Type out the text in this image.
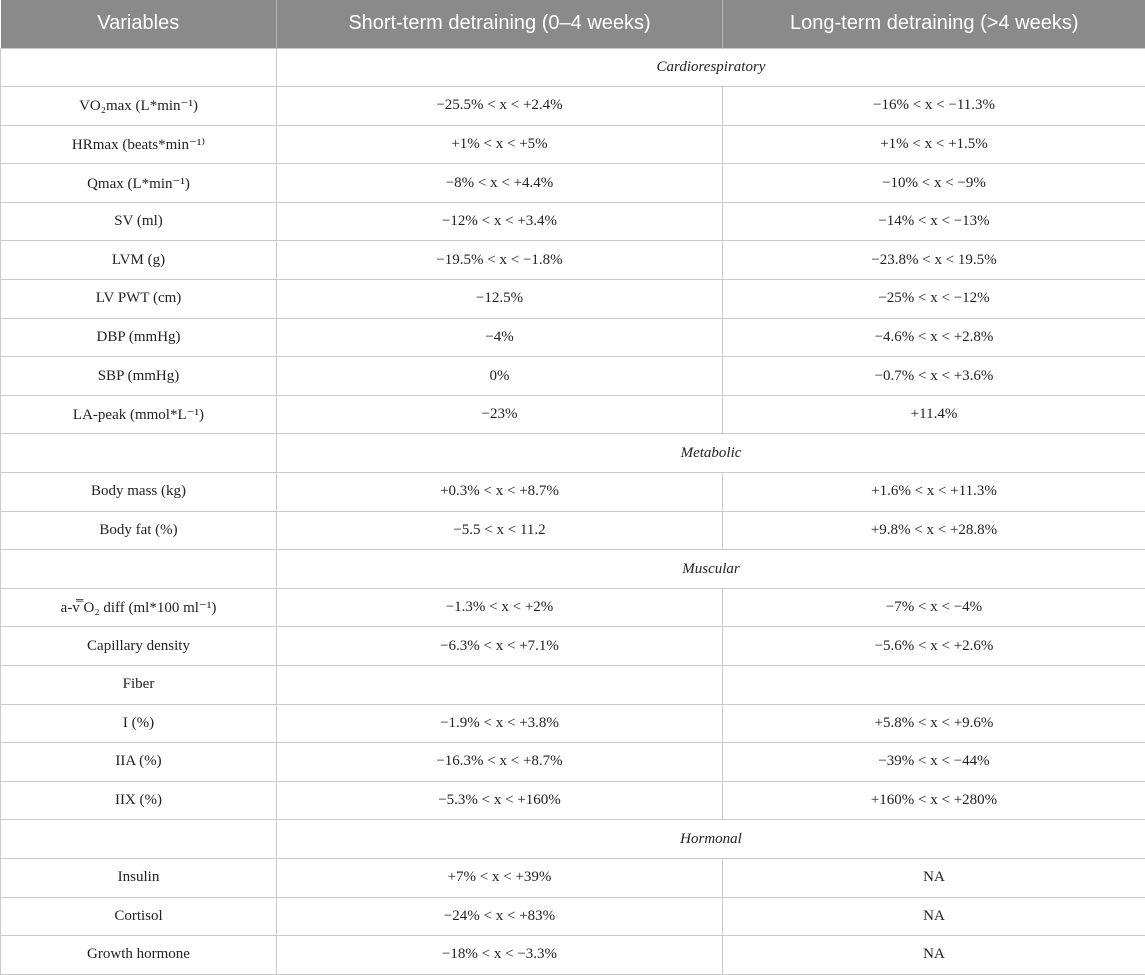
Variables	Short-term detraining (0–4 weeks)	Long-term detraining (>4 weeks)
	Cardiorespiratory	
VO₂max (L*min⁻¹)	−25.5% < x < +2.4%	−16% < x < −11.3%
HRmax (beats*min⁻¹⁾	+1% < x < +5%	+1% < x < +1.5%
Qmax (L*min⁻¹)	−8% < x < +4.4%	−10% < x < −9%
SV (ml)	−12% < x < +3.4%	−14% < x < −13%
LVM (g)	−19.5% < x < −1.8%	−23.8% < x < 19.5%
LV PWT (cm)	−12.5%	−25% < x < −12%
DBP (mmHg)	−4%	−4.6% < x < +2.8%
SBP (mmHg)	0%	−0.7% < x < +3.6%
LA-peak (mmol*L⁻¹)	−23%	+11.4%
	Metabolic	
Body mass (kg)	+0.3% < x < +8.7%	+1.6% < x < +11.3%
Body fat (%)	−5.5 < x < 11.2	+9.8% < x < +28.8%
	Muscular	
a-v̿ O₂ diff (ml*100 ml⁻¹)	−1.3% < x < +2%	−7% < x < −4%
Capillary density	−6.3% < x < +7.1%	−5.6% < x < +2.6%
Fiber		
I (%)	−1.9% < x < +3.8%	+5.8% < x < +9.6%
IIA (%)	−16.3% < x < +8.7%	−39% < x < −44%
IIX (%)	−5.3% < x < +160%	+160% < x < +280%
	Hormonal	
Insulin	+7% < x < +39%	NA
Cortisol	−24% < x < +83%	NA
Growth hormone	−18% < x < −3.3%	NA
